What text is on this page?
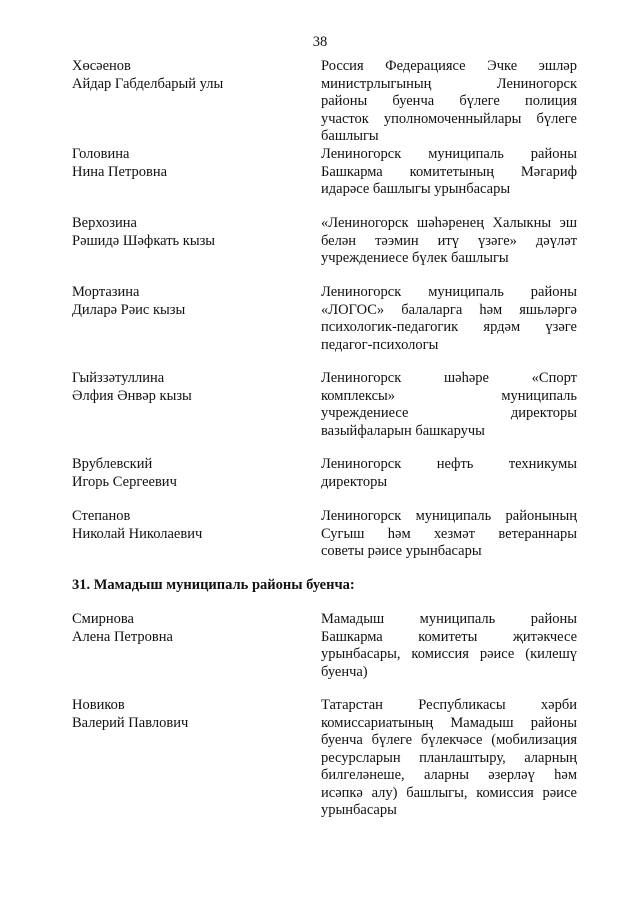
38
Хөсәенов
Айдар Габделбарый улы
Россия Федерациясе Эчке эшләр
министрлыгының Лениногорск
районы буенча бүлеге полиция
участок уполномоченныйлары бүлеге
башлыгы
Головина
Нина Петровна
Лениногорск муниципаль районы
Башкарма комитетының Мәгариф
идарәсе башлыгы урынбасары
Верхозина
Рәшидә Шәфкать кызы
«Лениногорск шәһәренең Халыкны эш
белән тәэмин итү үзәге» дәүләт
учреждениесе бүлек башлыгы
Мортазина
Диларә Рәис кызы
Лениногорск муниципаль районы
«ЛОГОС» балаларга һәм яшьләргә
психологик-педагогик ярдәм үзәге
педагог-психологы
Гыйззәтуллина
Әлфия Әнвәр кызы
Лениногорск шәһәре «Спорт
комплексы» муниципаль
учреждениесе директоры
вазыйфаларын башкаручы
Врублевский
Игорь Сергеевич
Лениногорск нефть техникумы
директоры
Степанов
Николай Николаевич
Лениногорск муниципаль районының
Сугыш һәм хезмәт ветераннары
советы рәисе урынбасары
31. Мамадыш муниципаль районы буенча:
Смирнова
Алена Петровна
Мамадыш муниципаль районы
Башкарма комитеты җитәкчесе
урынбасары, комиссия рәисе (килешү
буенча)
Новиков
Валерий Павлович
Татарстан Республикасы хәрби
комиссариатының Мамадыш районы
буенча бүлеге бүлекчәсе (мобилизация
ресурсларын планлаштыру, аларның
билгеләнеше, аларны әзерләү һәм
исәпкә алу) башлыгы, комиссия рәисе
урынбасары
